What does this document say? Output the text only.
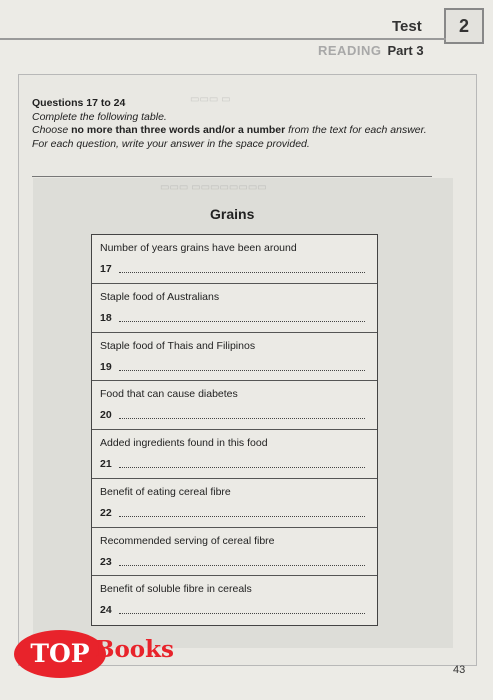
Test	2
READING Part 3
▭▭▭ ▭
▭▭▭ ▭▭▭▭▭▭▭▭
Questions 17 to 24
Complete the following table.
Choose no more than three words and/or a number from the text for each answer.
For each question, write your answer in the space provided.
Grains
Number of years grains have been around
17
Staple food of Australians
18
Staple food of Thais and Filipinos
19
Food that can cause diabetes
20
Added ingredients found in this food
21
Benefit of eating cereal fibre
22
Recommended serving of cereal fibre
23
Benefit of soluble fibre in cereals
24
43
TOP Books
